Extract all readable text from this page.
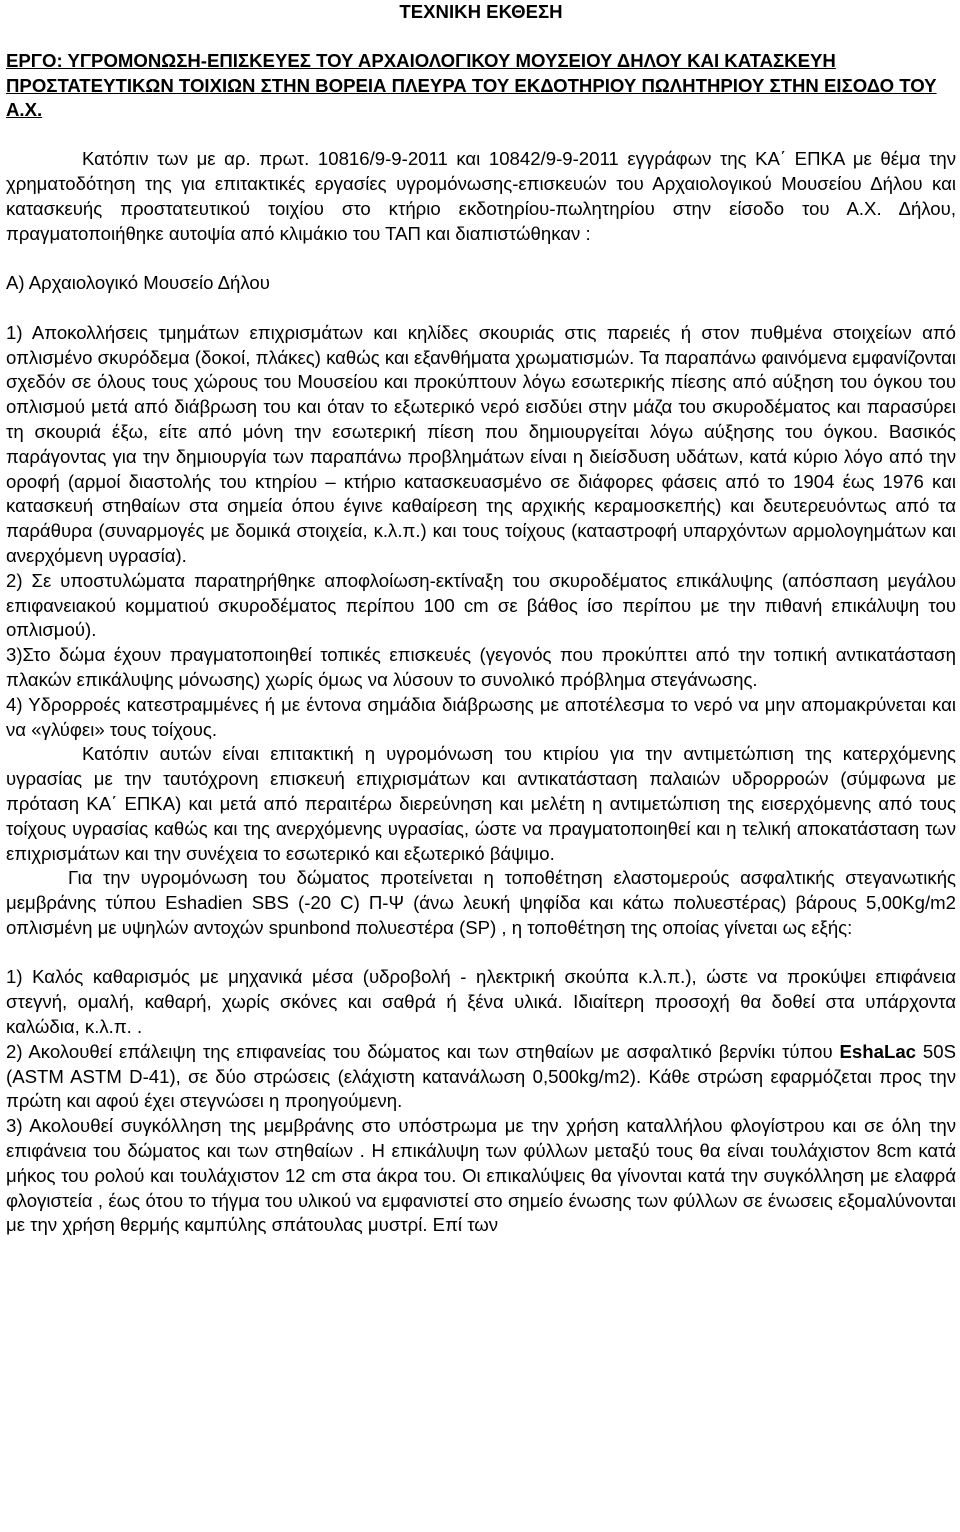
ΤΕΧΝΙΚΗ ΕΚΘΕΣΗ

ΕΡΓΟ: ΥΓΡΟΜΟΝΩΣΗ-ΕΠΙΣΚΕΥΕΣ ΤΟΥ ΑΡΧΑΙΟΛΟΓΙΚΟΥ ΜΟΥΣΕΙΟΥ ΔΗΛΟΥ ΚΑΙ ΚΑΤΑΣΚΕΥΗ ΠΡΟΣΤΑΤΕΥΤΙΚΩΝ ΤΟΙΧΙΩΝ ΣΤΗΝ ΒΟΡΕΙΑ ΠΛΕΥΡΑ ΤΟΥ ΕΚΔΟΤΗΡΙΟΥ ΠΩΛΗΤΗΡΙΟΥ ΣΤΗΝ ΕΙΣΟΔΟ ΤΟΥ Α.Χ.

Κατόπιν των με αρ. πρωτ. 10816/9-9-2011 και 10842/9-9-2011 εγγράφων της ΚΑ΄ ΕΠΚΑ με θέμα την χρηματοδότηση της για επιτακτικές εργασίες υγρομόνωσης-επισκευών του Αρχαιολογικού Μουσείου Δήλου και κατασκευής προστατευτικού τοιχίου στο κτήριο εκδοτηρίου-πωλητηρίου στην είσοδο του Α.Χ. Δήλου, πραγματοποιήθηκε αυτοψία από κλιμάκιο του ΤΑΠ και διαπιστώθηκαν :

Α) Αρχαιολογικό Μουσείο Δήλου

1) Αποκολλήσεις τμημάτων επιχρισμάτων και κηλίδες σκουριάς στις παρειές ή στον πυθμένα στοιχείων από οπλισμένο σκυρόδεμα (δοκοί, πλάκες) καθώς και εξανθήματα χρωματισμών. Τα παραπάνω φαινόμενα εμφανίζονται σχεδόν σε όλους τους χώρους του Μουσείου και προκύπτουν λόγω εσωτερικής πίεσης από αύξηση του όγκου του οπλισμού μετά από διάβρωση του και όταν το εξωτερικό νερό εισδύει στην μάζα του σκυροδέματος και παρασύρει τη σκουριά έξω, είτε από μόνη την εσωτερική πίεση που δημιουργείται λόγω αύξησης του όγκου. Βασικός παράγοντας για την δημιουργία των παραπάνω προβλημάτων είναι η διείσδυση υδάτων, κατά κύριο λόγο από την οροφή (αρμοί διαστολής του κτηρίου – κτήριο κατασκευασμένο σε διάφορες φάσεις από το 1904 έως 1976 και κατασκευή στηθαίων στα σημεία όπου έγινε καθαίρεση της αρχικής κεραμοσκεπής) και δευτερευόντως από τα παράθυρα (συναρμογές με δομικά στοιχεία, κ.λ.π.) και τους τοίχους (καταστροφή υπαρχόντων αρμολογημάτων και ανερχόμενη υγρασία).

2) Σε υποστυλώματα παρατηρήθηκε αποφλοίωση-εκτίναξη του σκυροδέματος επικάλυψης (απόσπαση μεγάλου επιφανειακού κομματιού σκυροδέματος περίπου 100 cm σε βάθος ίσο περίπου με την πιθανή επικάλυψη του οπλισμού).

3)Στο δώμα έχουν πραγματοποιηθεί τοπικές επισκευές (γεγονός που προκύπτει από την τοπική αντικατάσταση πλακών επικάλυψης μόνωσης) χωρίς όμως να λύσουν το συνολικό πρόβλημα στεγάνωσης.

4) Υδρορροές κατεστραμμένες ή με έντονα σημάδια διάβρωσης με αποτέλεσμα το νερό να μην απομακρύνεται και να «γλύφει» τους τοίχους.

Κατόπιν αυτών είναι επιτακτική η υγρομόνωση του κτιρίου για την αντιμετώπιση της κατερχόμενης υγρασίας με την ταυτόχρονη επισκευή επιχρισμάτων και αντικατάσταση παλαιών υδρορροών (σύμφωνα με πρόταση ΚΑ΄ ΕΠΚΑ) και μετά από περαιτέρω διερεύνηση και μελέτη η αντιμετώπιση της εισερχόμενης από τους τοίχους υγρασίας καθώς και της ανερχόμενης υγρασίας, ώστε να πραγματοποιηθεί και η τελική αποκατάσταση των επιχρισμάτων και την συνέχεια το εσωτερικό και εξωτερικό βάψιμο.

Για την υγρομόνωση του δώματος προτείνεται η τοποθέτηση ελαστομερούς ασφαλτικής στεγανωτικής μεμβράνης τύπου Eshadien SBS (-20 C) Π-Ψ (άνω λευκή ψηφίδα και κάτω πολυεστέρας) βάρους 5,00Kg/m2 οπλισμένη με υψηλών αντοχών spunbond πολυεστέρα (SP) , η τοποθέτηση της οποίας γίνεται ως εξής:

1) Καλός καθαρισμός με μηχανικά μέσα (υδροβολή - ηλεκτρική σκούπα κ.λ.π.), ώστε να προκύψει επιφάνεια στεγνή, ομαλή, καθαρή, χωρίς σκόνες και σαθρά ή ξένα υλικά. Ιδιαίτερη προσοχή θα δοθεί στα υπάρχοντα καλώδια, κ.λ.π. .

2) Ακολουθεί επάλειψη της επιφανείας του δώματος και των στηθαίων με ασφαλτικό βερνίκι τύπου EshaLac 50S (ASTM ASTM D-41), σε δύο στρώσεις (ελάχιστη κατανάλωση 0,500kg/m2). Κάθε στρώση εφαρμόζεται πρoς την πρώτη και αφού έχει στεγνώσει η προηγούμενη.

3) Ακολουθεί συγκόλληση της μεμβράνης στο υπόστρωμα με την χρήση καταλλήλου φλογίστρου και σε όλη την επιφάνεια του δώματος και των στηθαίων . Η επικάλυψη των φύλλων μεταξύ τους θα είναι τουλάχιστον 8cm κατά μήκος του ρολού και τουλάχιστον 12 cm στα άκρα του. Οι επικαλύψεις θα γίνονται κατά την συγκόλληση με ελαφρά φλογιστεία , έως ότου το τήγμα του υλικού να εμφανιστεί στο σημείο ένωσης των φύλλων σε ένωσεις εξομαλύνονται με την χρήση θερμής καμπύλης σπάτουλας μυστρί. Επί των
